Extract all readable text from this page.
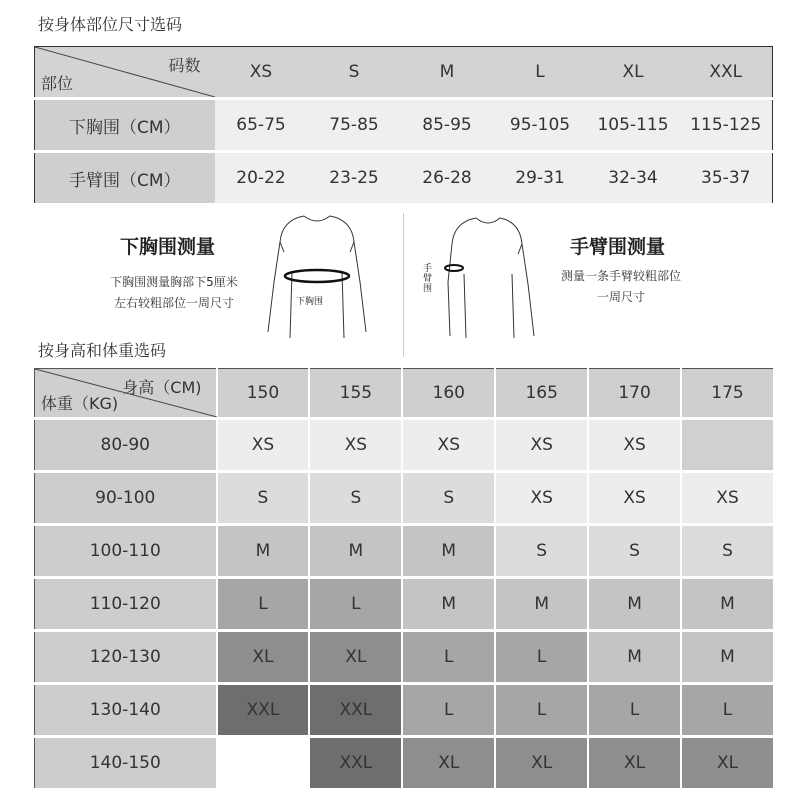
按身体部位尺寸选码
码数
部位	XS	S	M	L	XL	XXL
下胸围（CM）	65-75	75-85	85-95	95-105	105-115	115-125
手臂围（CM）	20-22	23-25	26-28	29-31	32-34	35-37
下胸围测量
下胸围测量胸部下5厘米
左右较粗部位一周尺寸	下胸围
手
臂
围
手臂围测量
测量一条手臂较粗部位
一周尺寸
按身高和体重选码
身高（CM)
体重（KG)	150	155	160	165	170	175
80-90	XS	XS	XS	XS	XS	
90-100	S	S	S	XS	XS	XS
100-110	M	M	M	S	S	S
110-120	L	L	M	M	M	M
120-130	XL	XL	L	L	M	M
130-140	XXL	XXL	L	L	L	L
140-150		XXL	XL	XL	XL	XL
